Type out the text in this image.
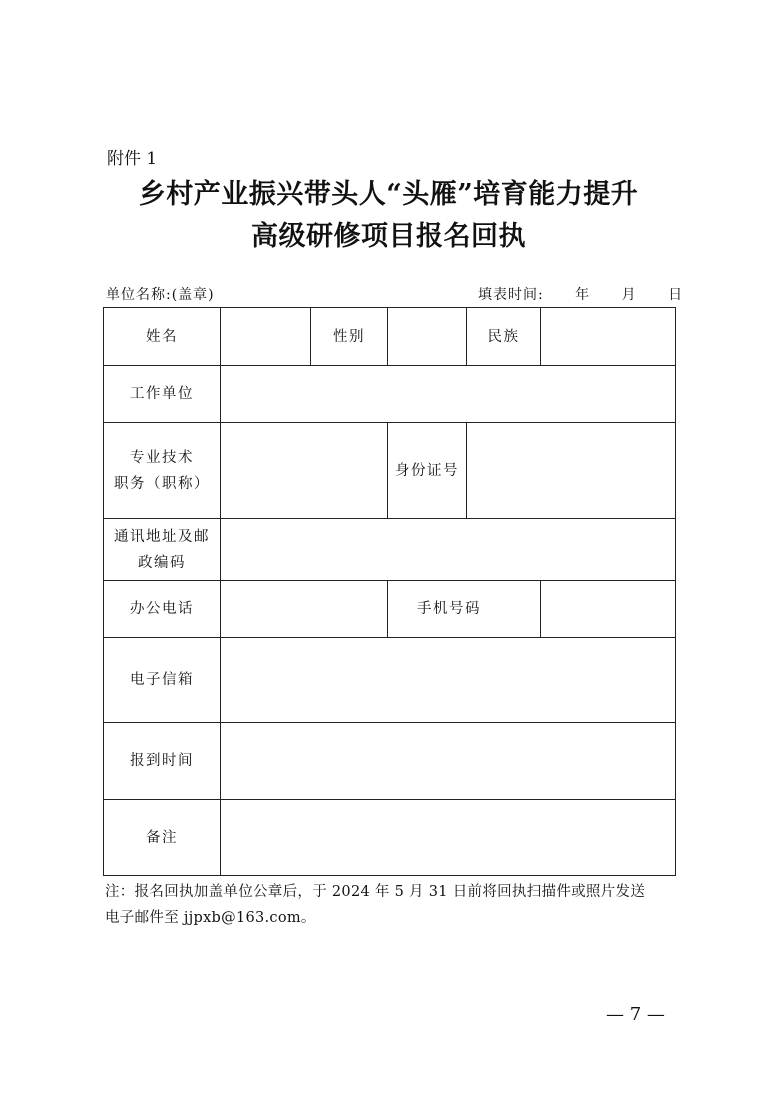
附件 1
乡村产业振兴带头人“头雁”培育能力提升
高级研修项目报名回执
单位名称:(盖章)	填表时间: 年 月 日
姓名		性别		民族	
工作单位					

专业技术
职务（职称）			身份证号		

通讯地址及邮
政编码					

办公电话			手机号码		
电子信箱					
报到时间					
备注					
注：报名回执加盖单位公章后，于 2024 年 5 月 31 日前将回执扫描件或照片发送
电子邮件至 jjpxb@163.com。
— 7 —
